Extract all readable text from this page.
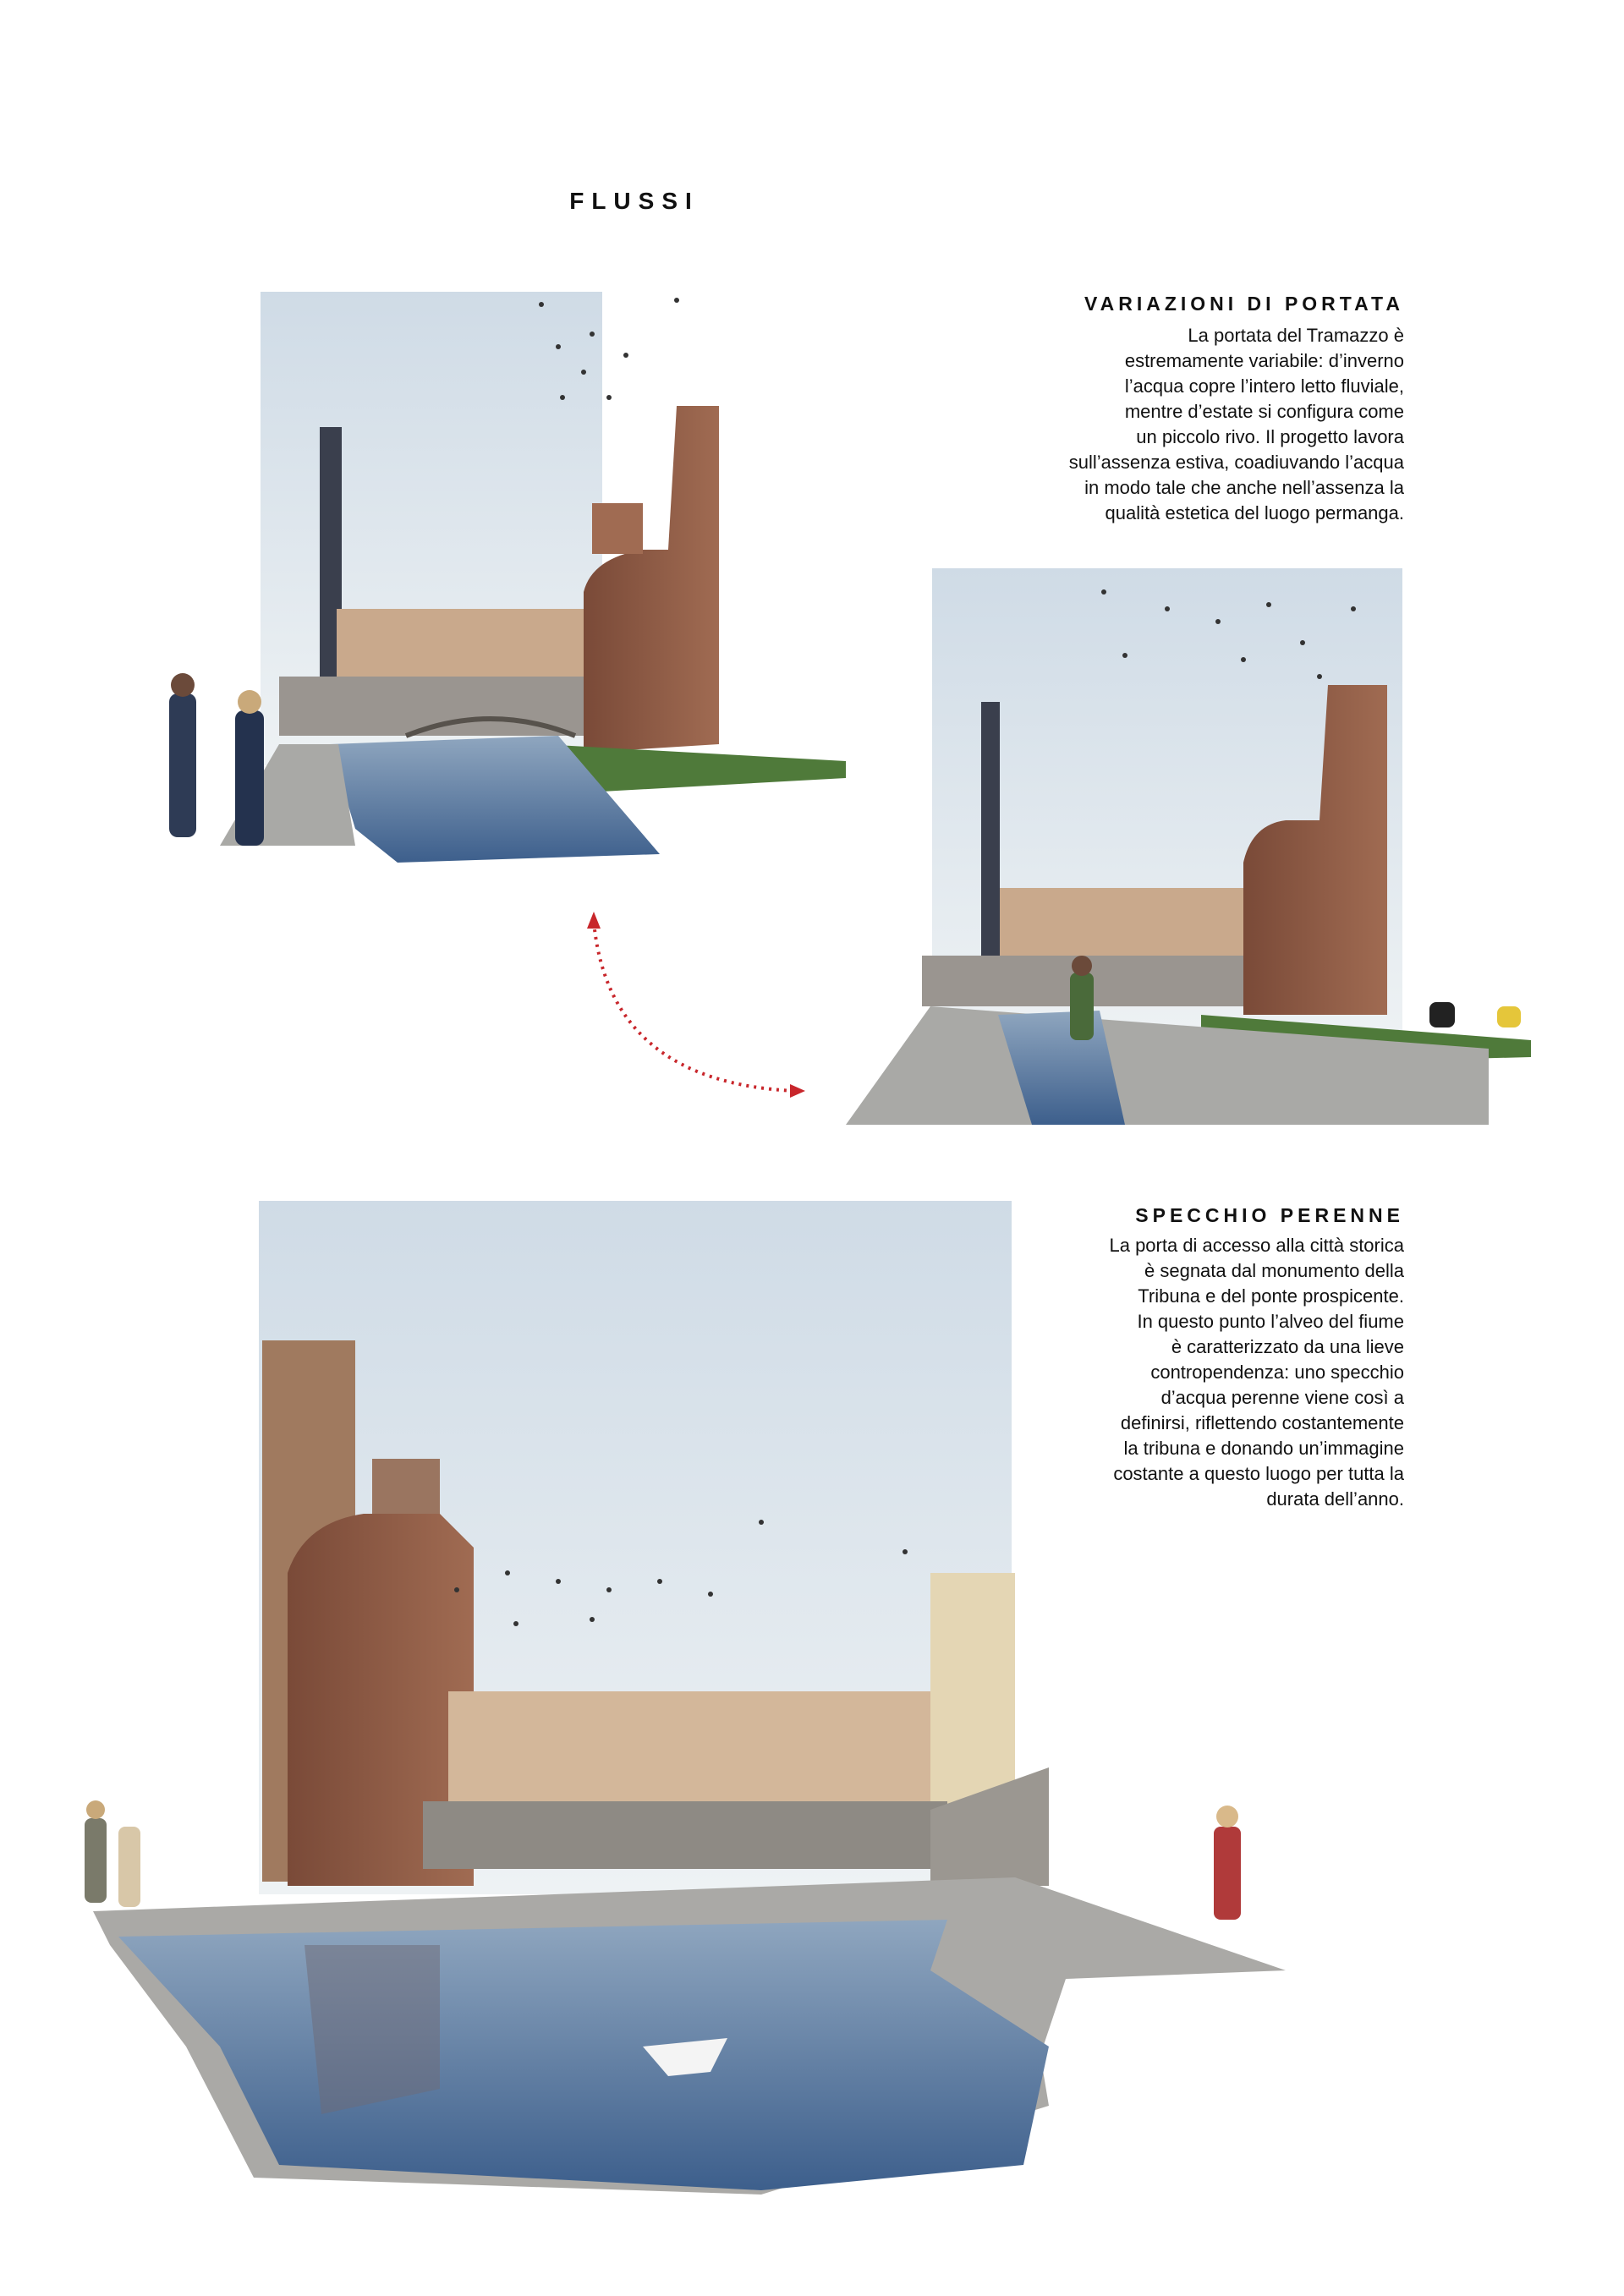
FLUSSI
VARIAZIONI DI PORTATA
La portata del Tramazzo è
estremamente variabile: d’inverno
l’acqua copre l’intero letto fluviale,
mentre d’estate si configura come
un piccolo rivo. Il progetto lavora
sull’assenza estiva, coadiuvando l’acqua
in modo tale che anche nell’assenza la
qualità estetica del luogo permanga.
SPECCHIO PERENNE
La porta di accesso alla città storica
è segnata dal monumento della
Tribuna e del ponte prospicente.
In questo punto l’alveo del fiume
è caratterizzato da una lieve
contropendenza: uno specchio
d’acqua perenne viene così a
definirsi, riflettendo costantemente
la tribuna e donando un’immagine
costante a questo luogo per tutta la
durata dell’anno.
